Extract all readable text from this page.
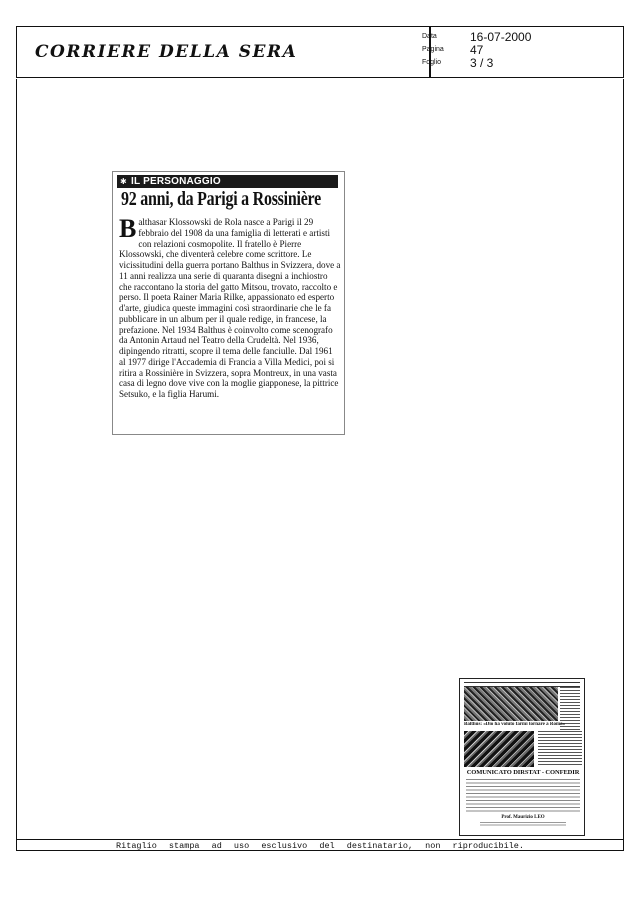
CORRIERE DELLA SERA
Data	16-07-2000
Pagina	47
Foglio	3 / 3
Ritaglio stampa ad uso esclusivo del destinatario, non riproducibile.
✱ IL PERSONAGGIO
92 anni, da Parigi a Rossinière
Balthasar Klossowski de Rola nasce a Parigi il 29 febbraio del 1908 da una famiglia di letterati e artisti con relazioni cosmopolite. Il fratello è Pierre Klossowski, che diventerà celebre come scrittore. Le vicissitudini della guerra portano Balthus in Svizzera, dove a 11 anni realizza una serie di quaranta disegni a inchiostro che raccontano la storia del gatto Mitsou, trovato, raccolto e perso. Il poeta Rainer Maria Rilke, appassionato ed esperto d'arte, giudica queste immagini così straordinarie che le fa pubblicare in un album per il quale redige, in francese, la prefazione. Nel 1934 Balthus è coinvolto come scenografo da Antonin Artaud nel Teatro della Crudeltà. Nel 1936, dipingendo ritratti, scopre il tema delle fanciulle. Dal 1961 al 1977 dirige l'Accademia di Francia a Villa Medici, poi si ritira a Rossinière in Svizzera, sopra Montreux, in una vasta casa di legno dove vive con la moglie giapponese, la pittrice Setsuko, e la figlia Harumi.
Balthus: «Dio ha voluto farmi tornare a Roma»
COMUNICATO DIRSTAT - CONFEDIR
Prof. Maurizio LEO
